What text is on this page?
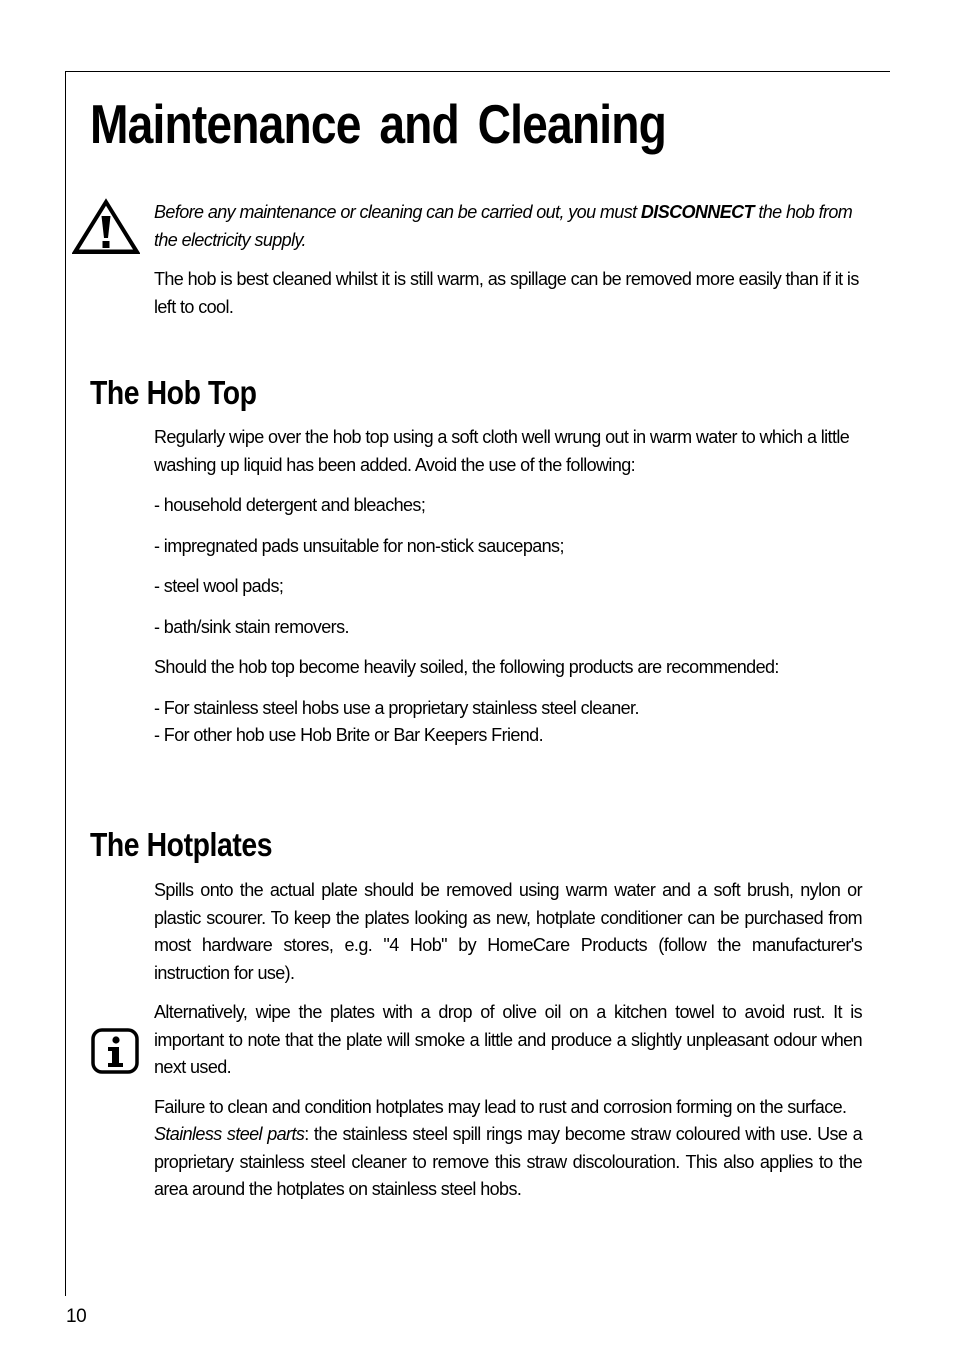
Maintenance and Cleaning

Before any maintenance or cleaning can be carried out, you must DISCONNECT the hob from the electricity supply.

The hob is best cleaned whilst it is still warm, as spillage can be removed more easily than if it is left to cool.

The Hob Top

Regularly wipe over the hob top using a soft cloth well wrung out in warm water to which a little washing up liquid has been added. Avoid the use of the following:

- household detergent and bleaches;

- impregnated pads unsuitable for non-stick saucepans;

- steel wool pads;

- bath/sink stain removers.

Should the hob top become heavily soiled, the following products are recommended:

- For stainless steel hobs use a proprietary stainless steel cleaner.

- For other hob use Hob Brite or Bar Keepers Friend.

The Hotplates

Spills onto the actual plate should be removed using warm water and a soft brush, nylon or plastic scourer. To keep the plates looking as new, hotplate conditioner can be purchased from most hardware stores, e.g. "4 Hob" by HomeCare Products (follow the manufacturer's instruction for use).

Alternatively, wipe the plates with a drop of olive oil on a kitchen towel to avoid rust. It is important to note that the plate will smoke a little and produce a slightly unpleasant odour when next used.

Failure to clean and condition hotplates may lead to rust and corrosion forming on the surface.

Stainless steel parts: the stainless steel spill rings may become straw coloured with use. Use a proprietary stainless steel cleaner to remove this straw discolouration. This also applies to the area around the hotplates on stainless steel hobs.

10
